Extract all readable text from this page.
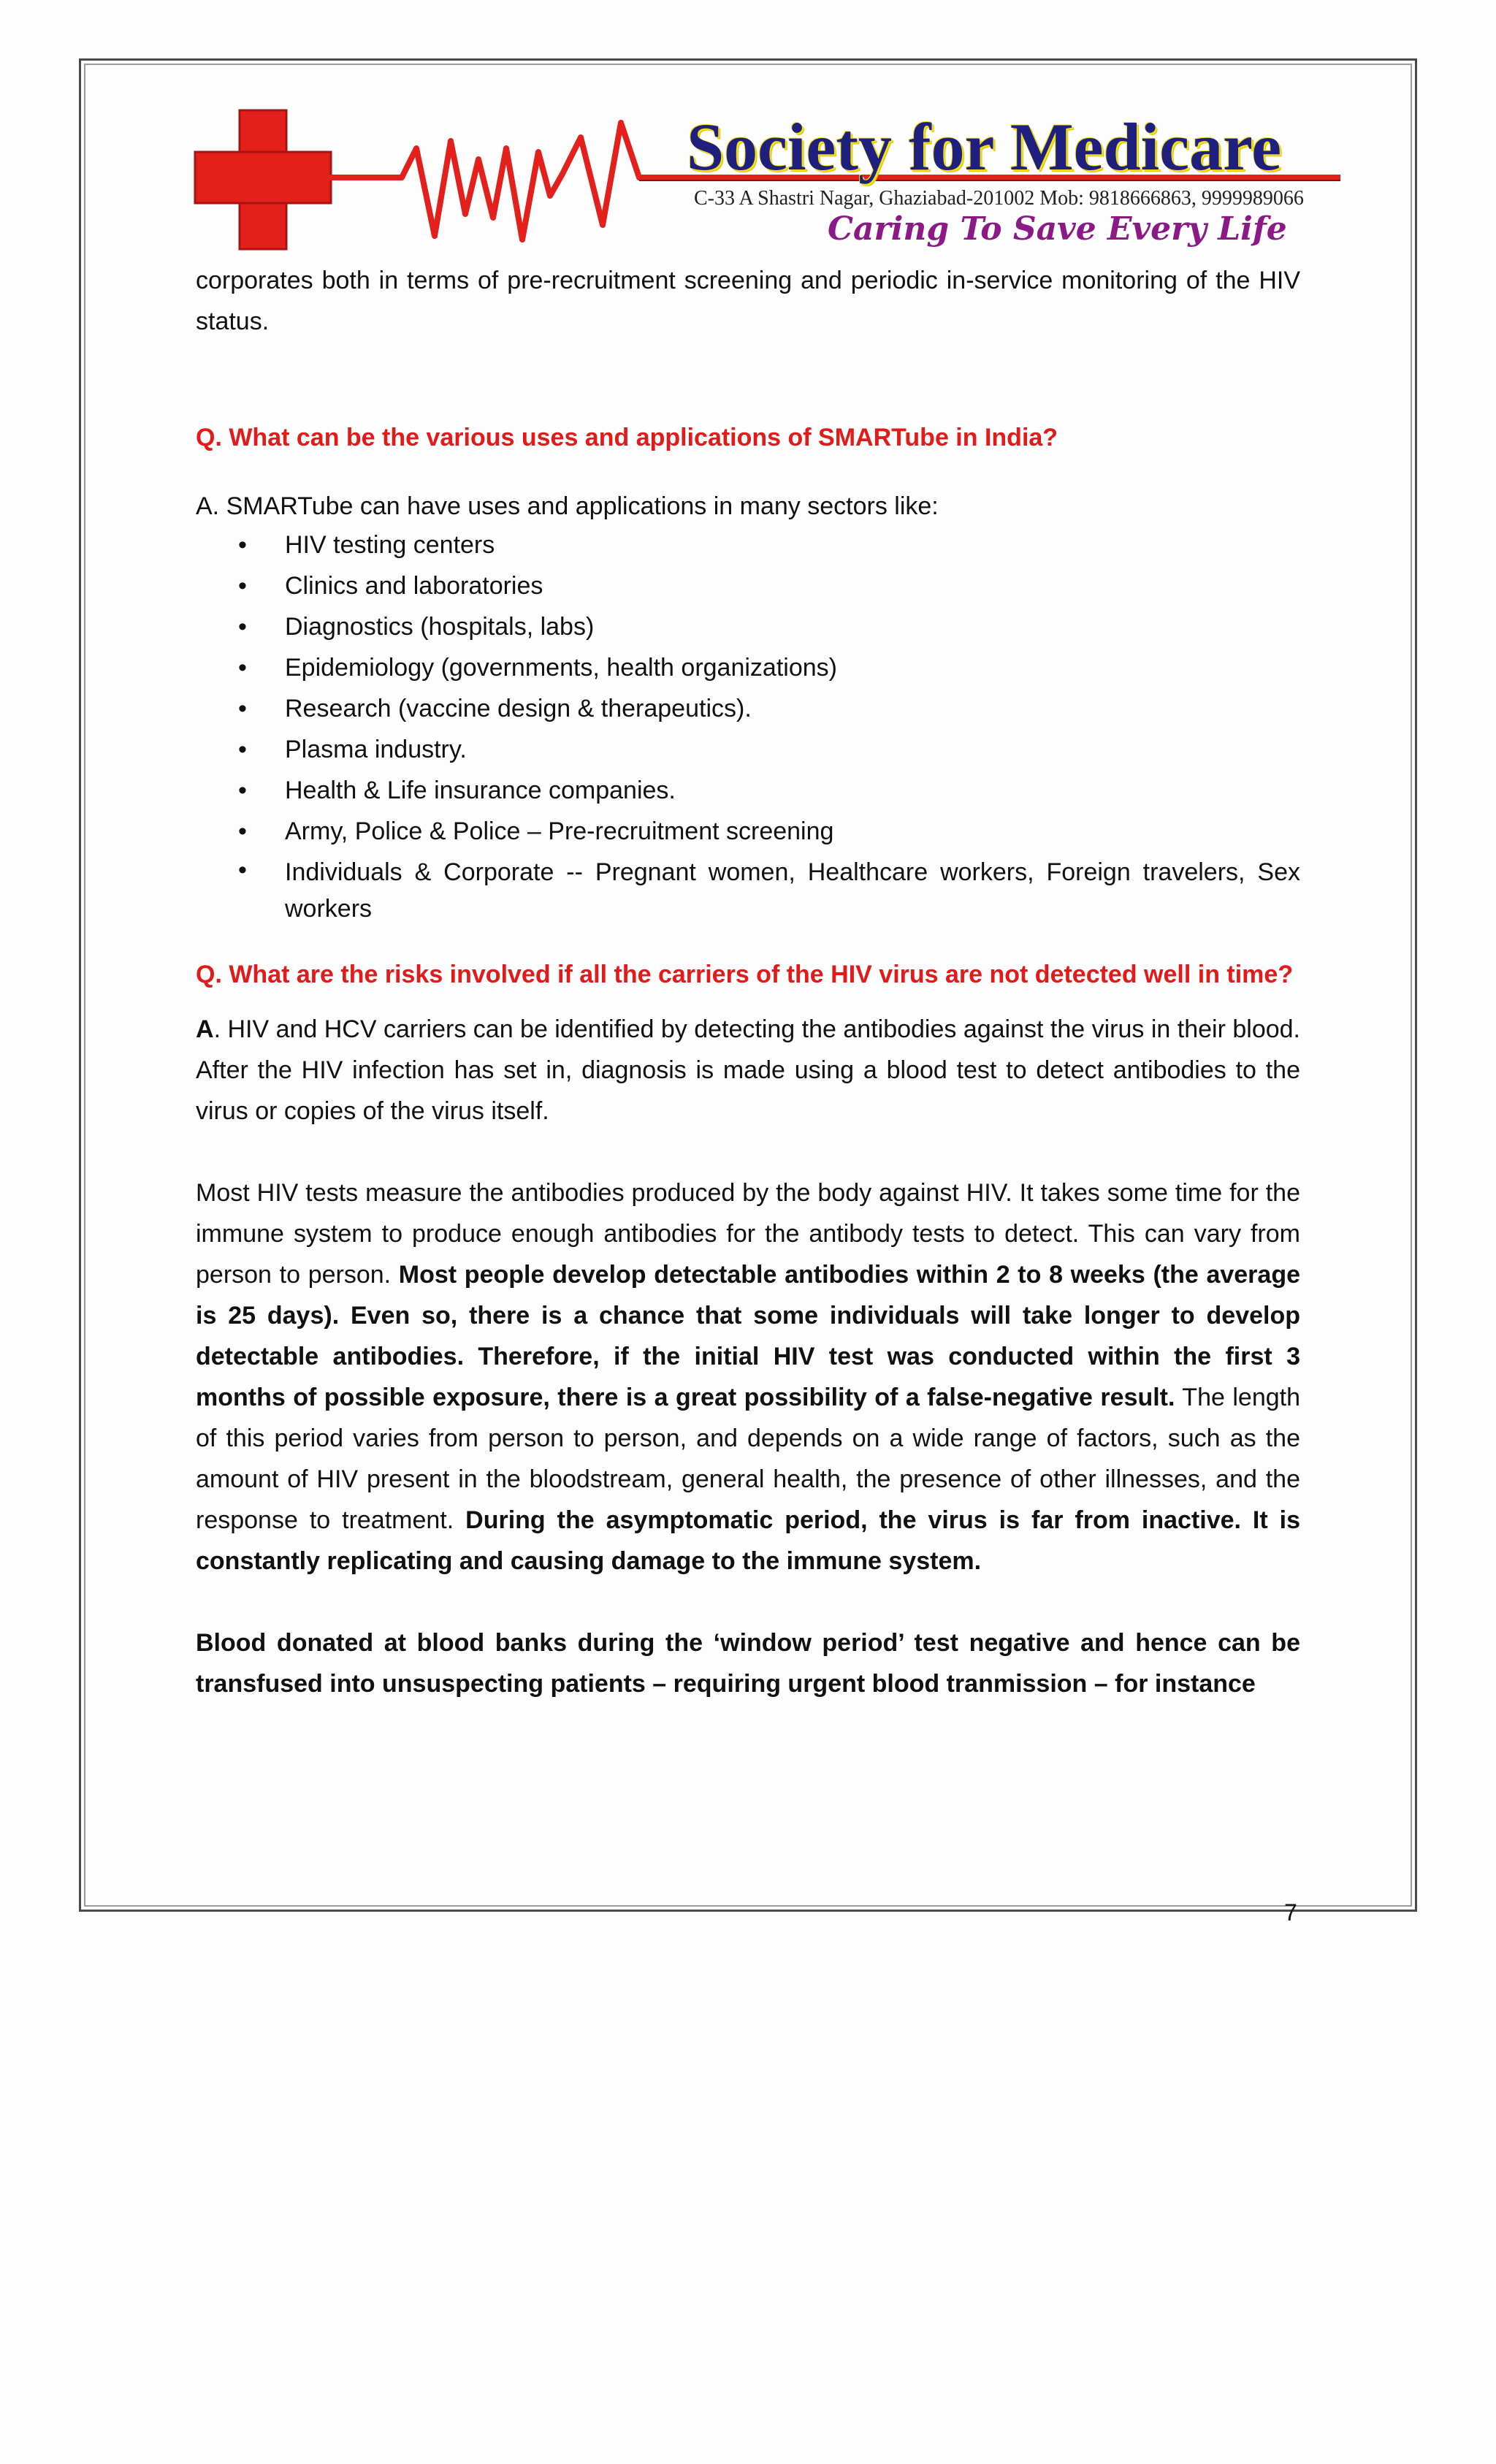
Society for Medicare
C-33 A Shastri Nagar, Ghaziabad-201002 Mob: 9818666863, 9999989066
Caring To Save Every Life

corporates both in terms of pre-recruitment screening and periodic in-service monitoring of the HIV status.

Q. What can be the various uses and applications of SMARTube in India?

A. SMARTube can have uses and applications in many sectors like:

• HIV testing centers
• Clinics and laboratories
• Diagnostics (hospitals, labs)
• Epidemiology (governments, health organizations)
• Research (vaccine design & therapeutics).
• Plasma industry.
• Health & Life insurance companies.
• Army, Police & Police – Pre-recruitment screening
• Individuals & Corporate -- Pregnant women, Healthcare workers, Foreign travelers, Sex workers

Q. What are the risks involved if all the carriers of the HIV virus are not detected well in time?

A. HIV and HCV carriers can be identified by detecting the antibodies against the virus in their blood. After the HIV infection has set in, diagnosis is made using a blood test to detect antibodies to the virus or copies of the virus itself.

Most HIV tests measure the antibodies produced by the body against HIV. It takes some time for the immune system to produce enough antibodies for the antibody tests to detect. This can vary from person to person. Most people develop detectable antibodies within 2 to 8 weeks (the average is 25 days). Even so, there is a chance that some individuals will take longer to develop detectable antibodies. Therefore, if the initial HIV test was conducted within the first 3 months of possible exposure, there is a great possibility of a false-negative result. The length of this period varies from person to person, and depends on a wide range of factors, such as the amount of HIV present in the bloodstream, general health, the presence of other illnesses, and the response to treatment. During the asymptomatic period, the virus is far from inactive. It is constantly replicating and causing damage to the immune system.

Blood donated at blood banks during the ‘window period’ test negative and hence can be transfused into unsuspecting patients – requiring urgent blood tranmission – for instance

7
